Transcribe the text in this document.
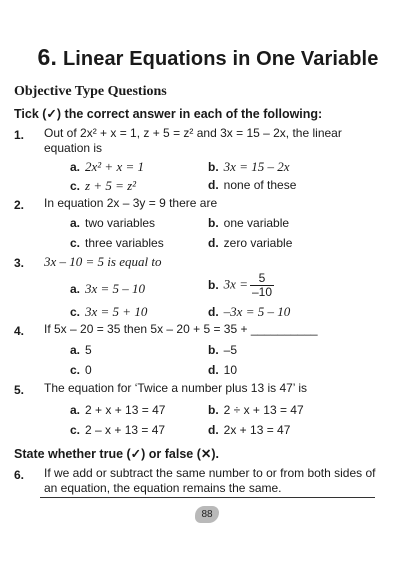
6. Linear Equations in One Variable
Objective Type Questions
Tick (✓) the correct answer in each of the following:
1. Out of 2x² + x = 1, z + 5 = z² and 3x = 15 – 2x, the linear
equation is
a. 2x² + x = 1	b. 3x = 15 – 2x
c. z + 5 = z²	d. none of these
2. In equation 2x – 3y = 9 there are
a. two variables	b. one variable
c. three variables	d. zero variable
3. 3x – 10 = 5 is equal to
a. 3x = 5 – 10	b. $3x = \frac{5}{-10}$
c. 3x = 5 + 10	d. –3x = 5 – 10
4. If 5x – 20 = 35 then 5x – 20 + 5 = 35 + __________
a. 5	b. –5
c. 0	d. 10
5. The equation for ‘Twice a number plus 13 is 47’ is
a. 2 + x + 13 = 47	b. 2 ÷ x + 13 = 47
c. 2 – x + 13 = 47	d. 2x + 13 = 47
State whether true (✓) or false (✕).
6. If we add or subtract the same number to or from both sides of
an equation, the equation remains the same.
88
